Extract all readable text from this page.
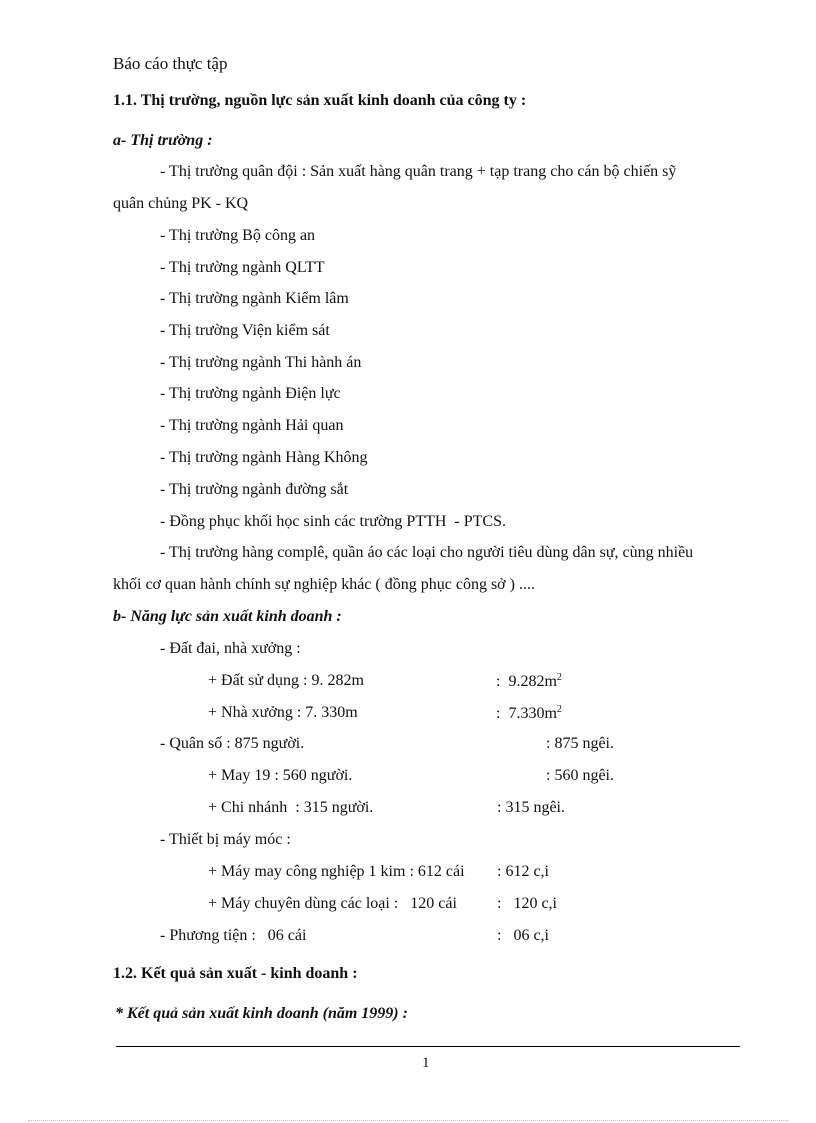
Báo cáo thực tập
1.1. Thị trường, nguồn lực sản xuất kinh doanh của công ty :
a- Thị trường :
- Thị trường quân đội : Sản xuất hàng quân trang + tạp trang cho cán bộ chiến sỹ
quân chủng PK - KQ
- Thị trường Bộ công an
- Thị trường ngành QLTT
- Thị trường ngành Kiểm lâm
- Thị trường Viện kiểm sát
- Thị trường ngành Thi hành án
- Thị trường ngành Điện lực
- Thị trường ngành Hải quan
- Thị trường ngành Hàng Không
- Thị trường ngành đường sắt
- Đồng phục khối học sinh các trường PTTH  - PTCS.
- Thị trường hàng complê, quần áo các loại cho người tiêu dùng dân sự, cùng nhiều
khối cơ quan hành chính sự nghiệp khác ( đồng phục công sở ) ....
b- Năng lực sản xuất kinh doanh :
- Đất đai, nhà xưởng :
+ Đất sử dụng : 9. 282m	:  $9.282m^2$
+ Nhà xưởng : 7. 330m	:  $7.330m^2$
- Quân số : 875 người.	: 875 ngêi.
+ May 19 : 560 người.	: 560 ngêi.
+ Chi nhánh  : 315 người.	: 315 ngêi.
- Thiết bị máy móc :
+ Máy may công nghiệp 1 kim : 612 cái : 612 c,i
+ Máy chuyên dùng các loại :   120 cái	:   120 c,i
- Phương tiện :   06 cái	:   06 c,i
1.2. Kết quả sản xuất - kinh doanh :
* Kết quả sản xuất kinh doanh (năm 1999) :
1
